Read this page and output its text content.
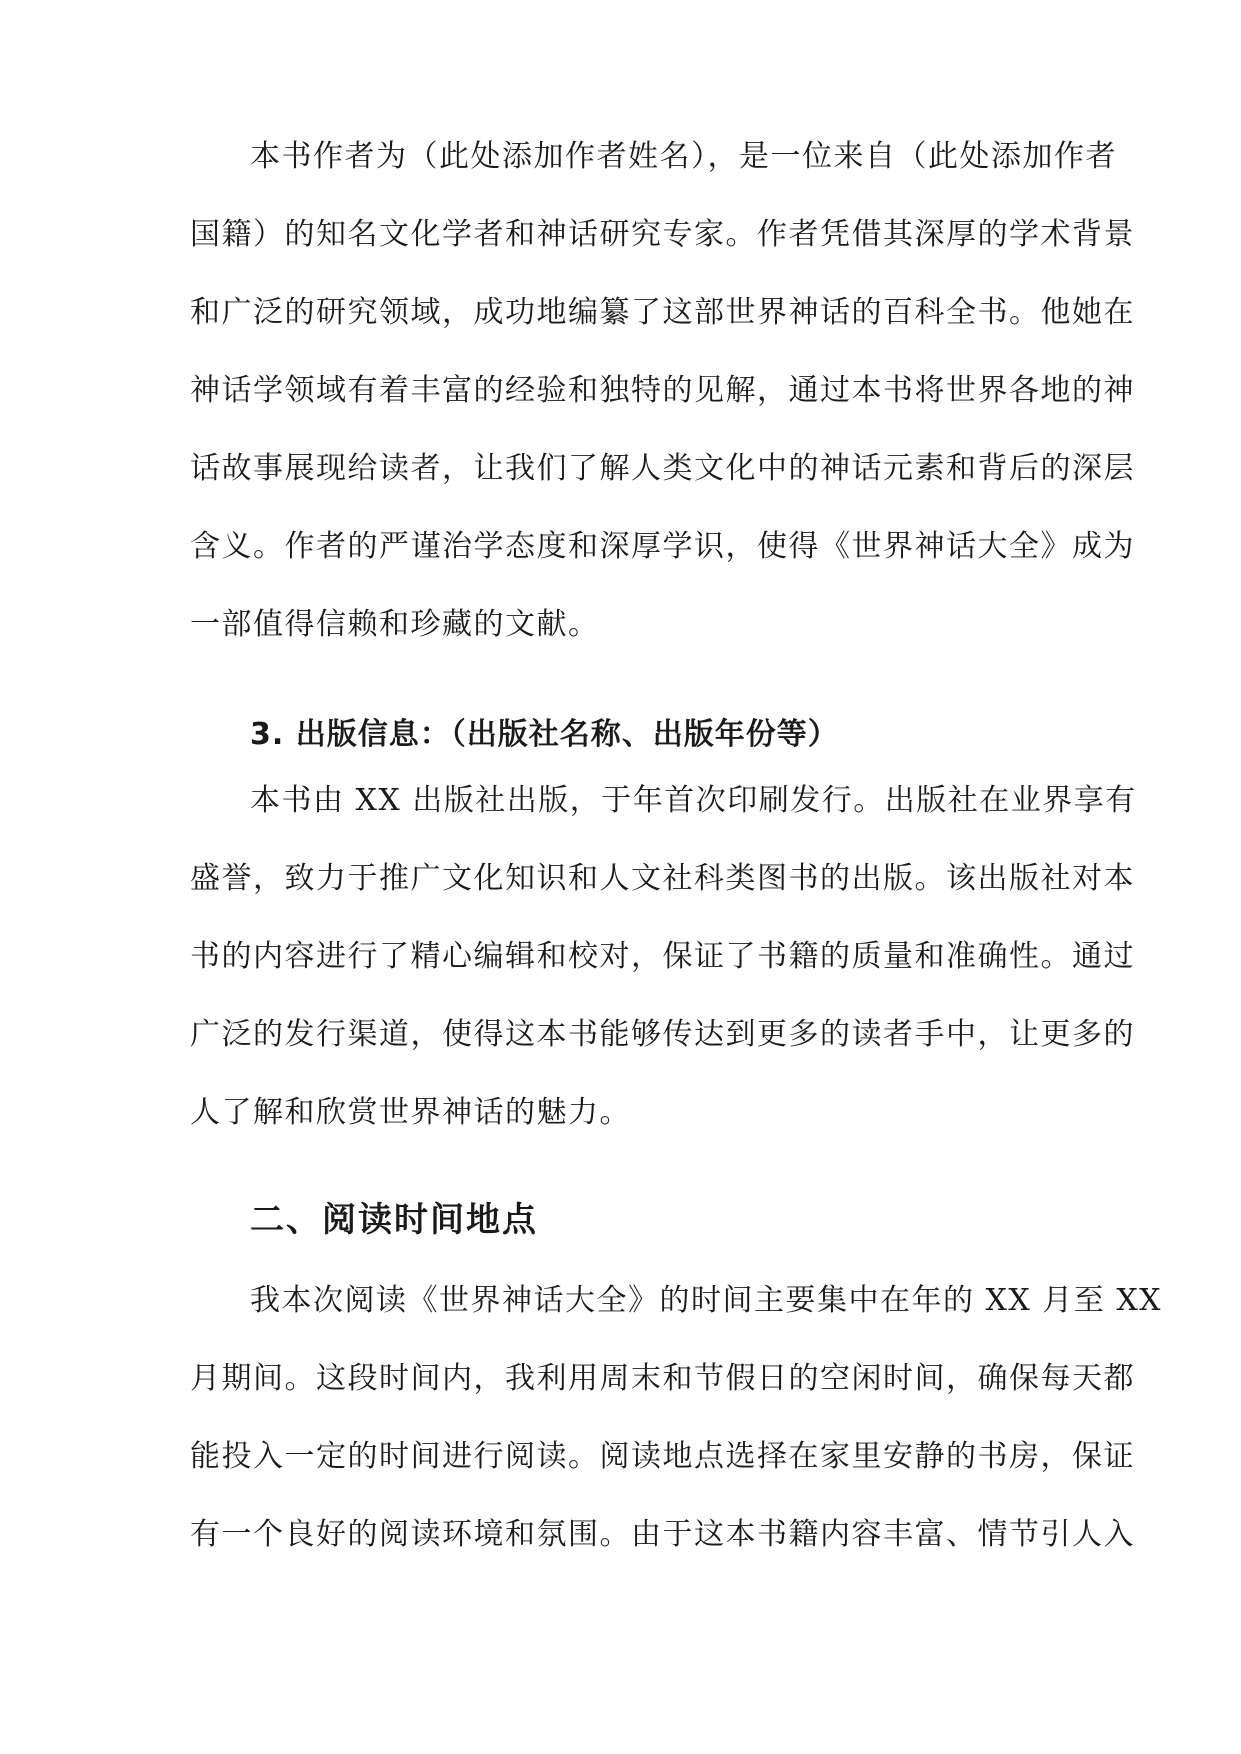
本书作者为（此处添加作者姓名），是一位来自（此处添加作者
国籍）的知名文化学者和神话研究专家。作者凭借其深厚的学术背景
和广泛的研究领域，成功地编纂了这部世界神话的百科全书。他她在
神话学领域有着丰富的经验和独特的见解，通过本书将世界各地的神
话故事展现给读者，让我们了解人类文化中的神话元素和背后的深层
含义。作者的严谨治学态度和深厚学识，使得《世界神话大全》成为
一部值得信赖和珍藏的文献。
3. 出版信息：（出版社名称、出版年份等）
本书由 XX 出版社出版，于年首次印刷发行。出版社在业界享有
盛誉，致力于推广文化知识和人文社科类图书的出版。该出版社对本
书的内容进行了精心编辑和校对，保证了书籍的质量和准确性。通过
广泛的发行渠道，使得这本书能够传达到更多的读者手中，让更多的
人了解和欣赏世界神话的魅力。
二、阅读时间地点
我本次阅读《世界神话大全》的时间主要集中在年的 XX 月至 XX
月期间。这段时间内，我利用周末和节假日的空闲时间，确保每天都
能投入一定的时间进行阅读。阅读地点选择在家里安静的书房，保证
有一个良好的阅读环境和氛围。由于这本书籍内容丰富、情节引人入
